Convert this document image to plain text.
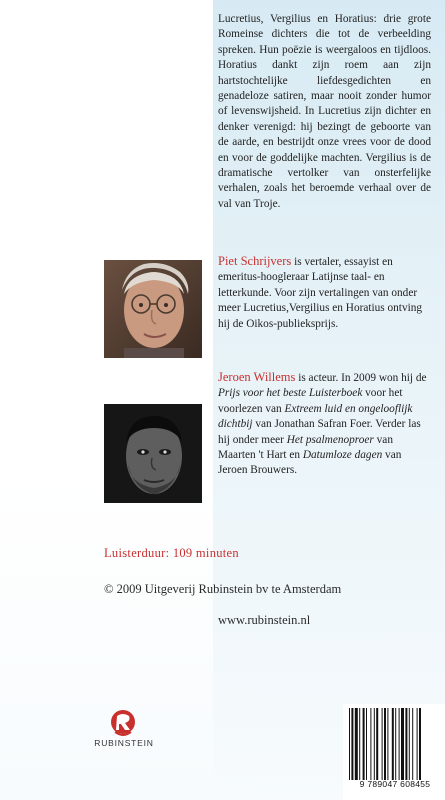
Lucretius, Vergilius en Horatius: drie grote Romeinse dichters die tot de verbeelding spreken. Hun poëzie is weergaloos en tijdloos. Horatius dankt zijn roem aan zijn hartstochtelijke liefdesgedichten en genadeloze satiren, maar nooit zonder humor of levenswijsheid. In Lucretius zijn dichter en denker verenigd: hij bezingt de geboorte van de aarde, en bestrijdt onze vrees voor de dood en voor de goddelijke machten. Vergilius is de dramatische vertolker van onsterfelijke verhalen, zoals het beroemde verhaal over de val van Troje.
Piet Schrijvers is vertaler, essayist en emeritus-hoogleraar Latijnse taal- en letterkunde. Voor zijn vertalingen van onder meer Lucretius,Vergilius en Horatius ontving hij de Oikos-publieksprijs.
Jeroen Willems is acteur. In 2009 won hij de Prijs voor het beste Luisterboek voor het voorlezen van Extreem luid en ongelooflijk dichtbij van Jonathan Safran Foer. Verder las hij onder meer Het psalmenoproer van Maarten 't Hart en Datumloze dagen van Jeroen Brouwers.
Luisterduur: 109 minuten
© 2009 Uitgeverij Rubinstein bv te Amsterdam
www.rubinstein.nl
RUBINSTEIN
9 789047 608455
